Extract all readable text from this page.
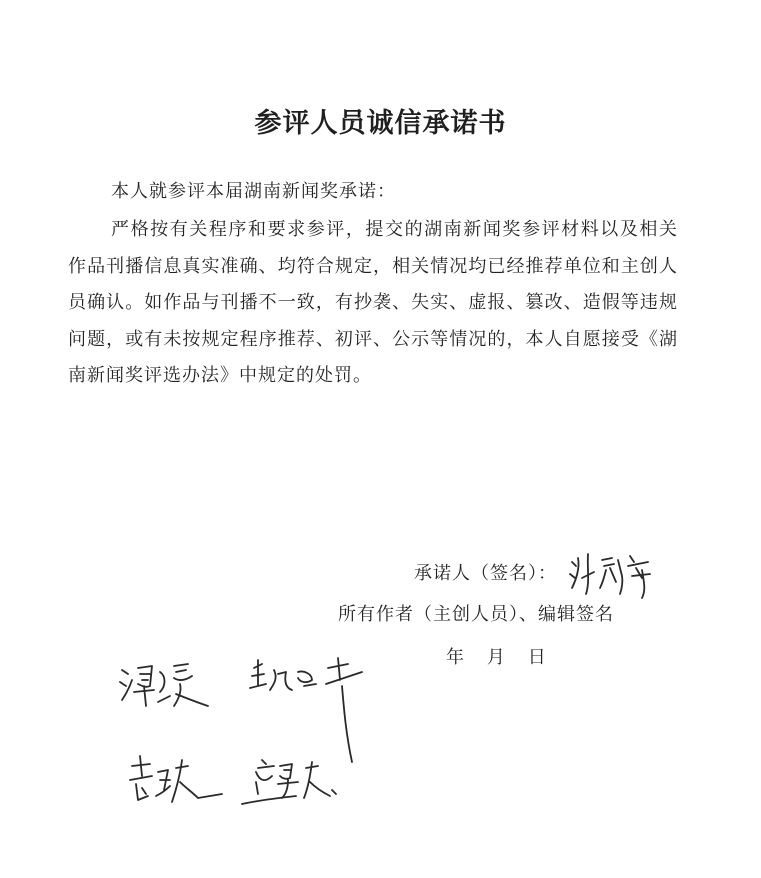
参评人员诚信承诺书
本人就参评本届湖南新闻奖承诺：
严格按有关程序和要求参评，提交的湖南新闻奖参评材料以及相关作品刊播信息真实准确、均符合规定，相关情况均已经推荐单位和主创人员确认。如作品与刊播不一致，有抄袭、失实、虚报、篡改、造假等违规问题，或有未按规定程序推荐、初评、公示等情况的，本人自愿接受《湖南新闻奖评选办法》中规定的处罚。
承诺人（签名）：
所有作者（主创人员）、编辑签名
年    月    日
